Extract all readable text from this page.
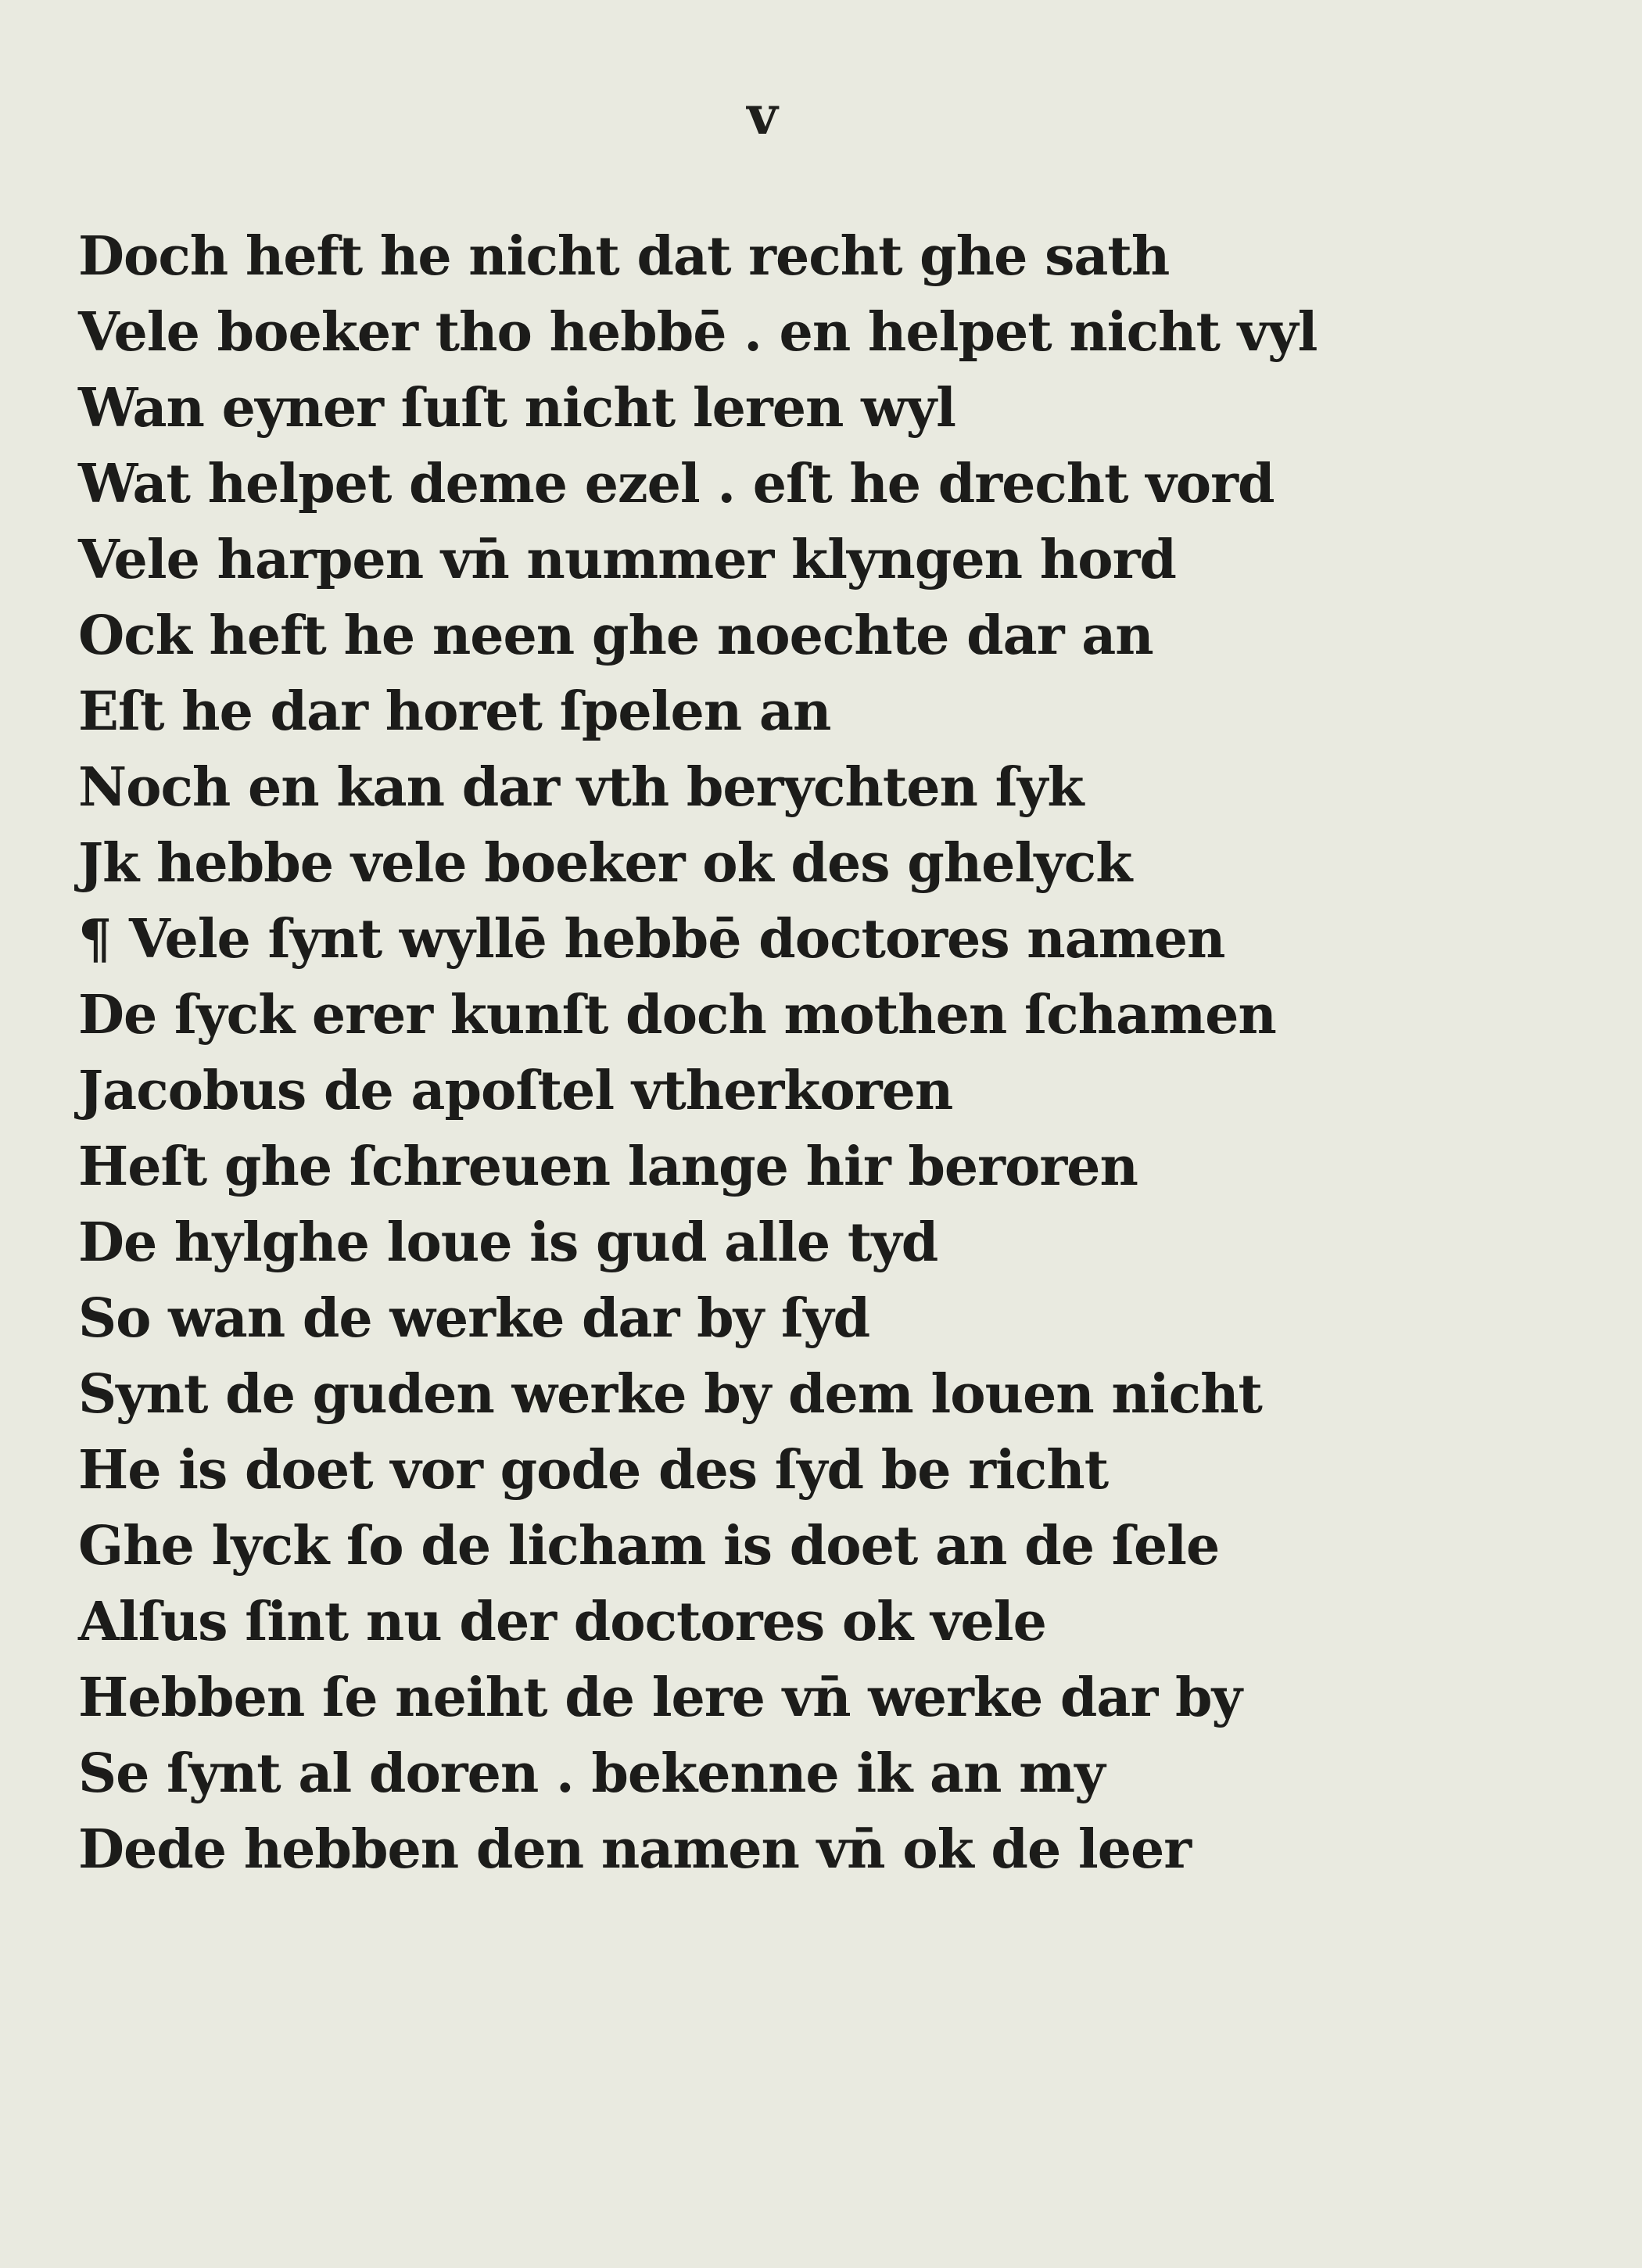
v
Doch heft he nicht dat recht ghe sath
Vele boeker tho hebbē . en helpet nicht vyl
Wan eyner ſuſt nicht leren wyl
Wat helpet deme ezel . eſt he drecht vord
Vele harpen vn̄ nummer klyngen hord
Ock heft he neen ghe noechte dar an
Eſt he dar horet ſpelen an
Noch en kan dar vth berychten ſyk
Jk hebbe vele boeker ok des ghelyck
¶ Vele ſynt wyllē hebbē doctores namen
De ſyck erer kunſt doch mothen ſchamen
Jacobus de apoſtel vtherkoren
Heſt ghe ſchreuen lange hir beroren
De hylghe loue is gud alle tyd
So wan de werke dar by ſyd
Synt de guden werke by dem louen nicht
He is doet vor gode des ſyd be richt
Ghe lyck ſo de licham is doet an de ſele
Alſus ſint nu der doctores ok vele
Hebben ſe neiht de lere vn̄ werke dar by
Se ſynt al doren . bekenne ik an my
Dede hebben den namen vn̄ ok de leer
